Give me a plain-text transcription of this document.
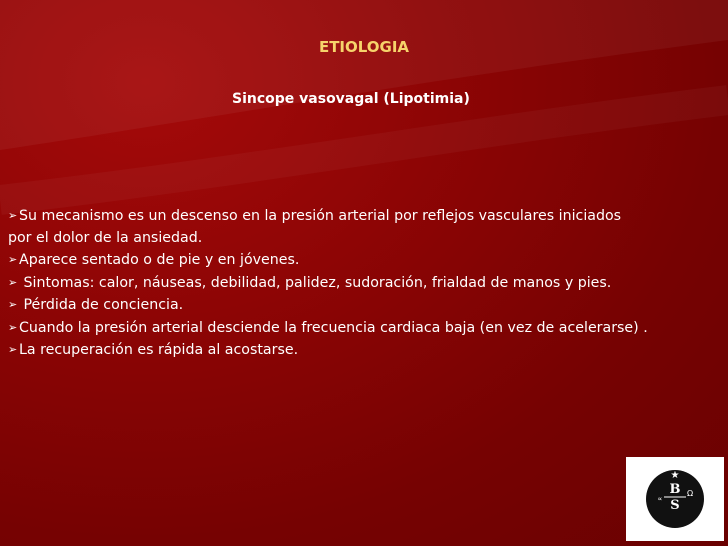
ETIOLOGIA
Sincope vasovagal (Lipotimia)
➢ Su mecanismo es un descenso en la presión arterial por reflejos vasculares iniciados
por el dolor de la ansiedad.
➢ Aparece sentado o de pie y en jóvenes.
➢ Sintomas: calor, náuseas, debilidad, palidez, sudoración, frialdad de manos y pies.
➢ Pérdida de conciencia.
➢ Cuando la presión arterial desciende la frecuencia cardiaca baja (en vez de acelerarse) .
➢ La recuperación es rápida al acostarse.
★
B
S
∝
Ω
